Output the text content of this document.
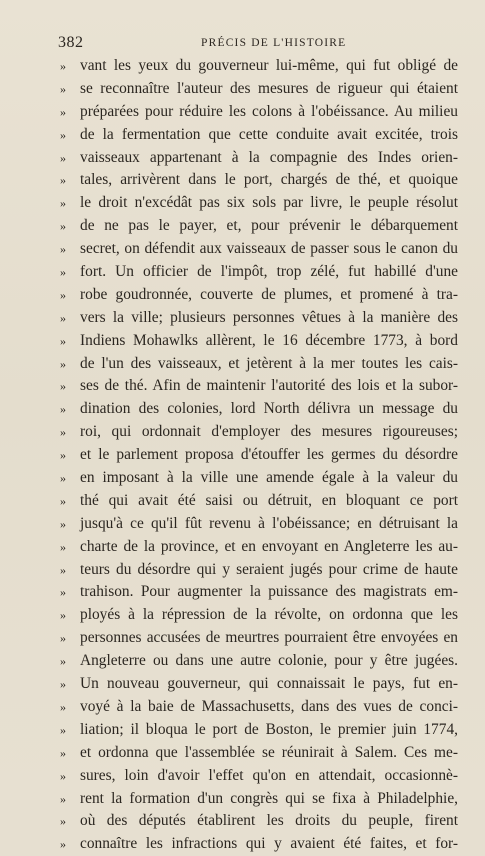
382	PRÉCIS DE L'HISTOIRE
» vant les yeux du gouverneur lui-même, qui fut obligé de
» se reconnaître l'auteur des mesures de rigueur qui étaient
» préparées pour réduire les colons à l'obéissance. Au milieu
» de la fermentation que cette conduite avait excitée, trois
» vaisseaux appartenant à la compagnie des Indes orien-
» tales, arrivèrent dans le port, chargés de thé, et quoique
» le droit n'excédât pas six sols par livre, le peuple résolut
» de ne pas le payer, et, pour prévenir le débarquement
» secret, on défendit aux vaisseaux de passer sous le canon du
» fort. Un officier de l'impôt, trop zélé, fut habillé d'une
» robe goudronnée, couverte de plumes, et promené à tra-
» vers la ville; plusieurs personnes vêtues à la manière des
» Indiens Mohawlks allèrent, le 16 décembre 1773, à bord
» de l'un des vaisseaux, et jetèrent à la mer toutes les cais-
» ses de thé. Afin de maintenir l'autorité des lois et la subor-
» dination des colonies, lord North délivra un message du
» roi, qui ordonnait d'employer des mesures rigoureuses;
» et le parlement proposa d'étouffer les germes du désordre
» en imposant à la ville une amende égale à la valeur du
» thé qui avait été saisi ou détruit, en bloquant ce port
» jusqu'à ce qu'il fût revenu à l'obéissance; en détruisant la
» charte de la province, et en envoyant en Angleterre les au-
» teurs du désordre qui y seraient jugés pour crime de haute
» trahison. Pour augmenter la puissance des magistrats em-
» ployés à la répression de la révolte, on ordonna que les
» personnes accusées de meurtres pourraient être envoyées en
» Angleterre ou dans une autre colonie, pour y être jugées.
» Un nouveau gouverneur, qui connaissait le pays, fut en-
» voyé à la baie de Massachusetts, dans des vues de conci-
» liation; il bloqua le port de Boston, le premier juin 1774,
» et ordonna que l'assemblée se réunirait à Salem. Ces me-
» sures, loin d'avoir l'effet qu'on en attendait, occasionnè-
» rent la formation d'un congrès qui se fixa à Philadelphie,
» où des députés établirent les droits du peuple, firent
» connaître les infractions qui y avaient été faites, et for-
